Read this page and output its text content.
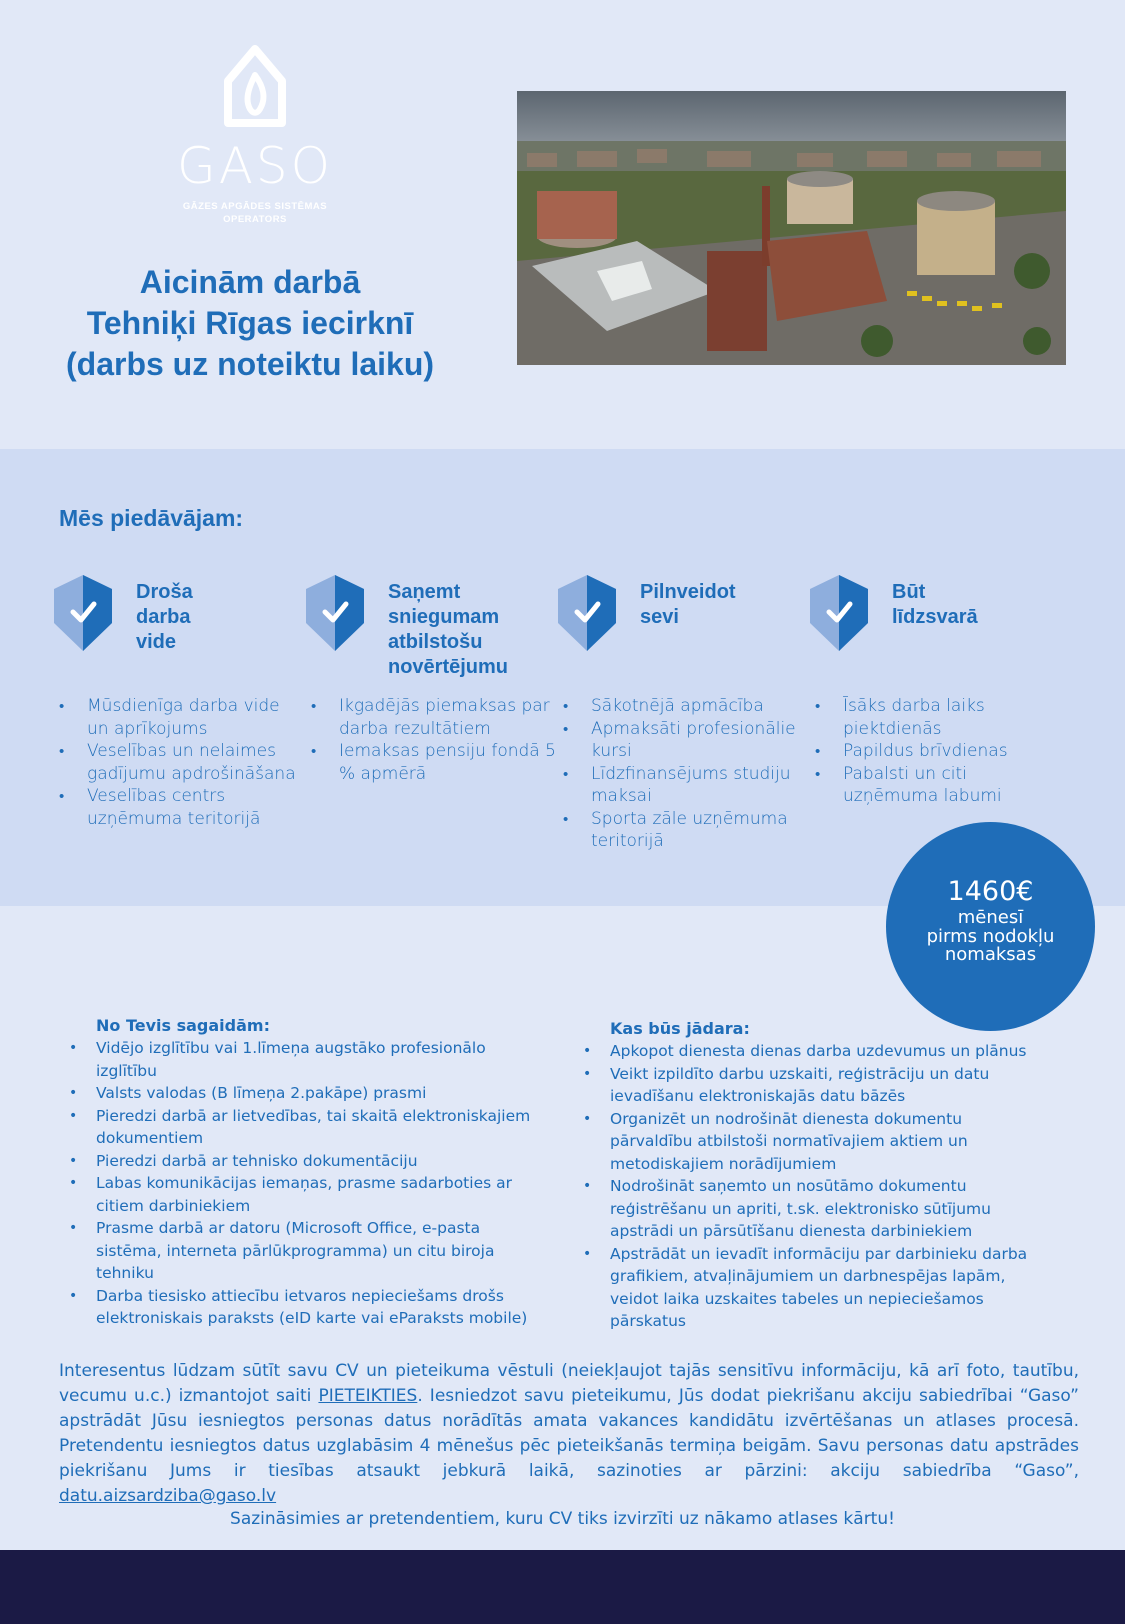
GASO
GĀZES APGĀDES SISTĒMAS OPERATORS
Aicinām darbā
Tehniķi Rīgas iecirknī
(darbs uz noteiktu laiku)
Mēs piedāvājam:
Droša
darba
vide
• Mūsdienīga darba vide un aprīkojums
• Veselības un nelaimes gadījumu apdrošināšana
• Veselības centrs uzņēmuma teritorijā
Saņemt
sniegumam
atbilstošu
novērtējumu
• Ikgadējās piemaksas par darba rezultātiem
• Iemaksas pensiju fondā 5 % apmērā
Pilnveidot
sevi
• Sākotnējā apmācība
• Apmaksāti profesionālie kursi
• Līdzfinansējums studiju maksai
• Sporta zāle uzņēmuma teritorijā
Būt
līdzsvarā
• Īsāks darba laiks piektdienās
• Papildus brīvdienas
• Pabalsti un citi uzņēmuma labumi
1460€
mēnesī
pirms nodokļu
nomaksas
No Tevis sagaidām:
• Vidējo izglītību vai 1.līmeņa augstāko profesionālo izglītību
• Valsts valodas (B līmeņa 2.pakāpe) prasmi
• Pieredzi darbā ar lietvedības, tai skaitā elektroniskajiem dokumentiem
• Pieredzi darbā ar tehnisko dokumentāciju
• Labas komunikācijas iemaņas, prasme sadarboties ar citiem darbiniekiem
• Prasme darbā ar datoru (Microsoft Office, e-pasta sistēma, interneta pārlūkprogramma) un citu biroja tehniku
• Darba tiesisko attiecību ietvaros nepieciešams drošs elektroniskais paraksts (eID karte vai eParaksts mobile)
Kas būs jādara:
• Apkopot dienesta dienas darba uzdevumus un plānus
• Veikt izpildīto darbu uzskaiti, reģistrāciju un datu ievadīšanu elektroniskajās datu bāzēs
• Organizēt un nodrošināt dienesta dokumentu pārvaldību atbilstoši normatīvajiem aktiem un metodiskajiem norādījumiem
• Nodrošināt saņemto un nosūtāmo dokumentu reģistrēšanu un apriti, t.sk. elektronisko sūtījumu apstrādi un pārsūtīšanu dienesta darbiniekiem
• Apstrādāt un ievadīt informāciju par darbinieku darba grafikiem, atvaļinājumiem un darbnespējas lapām, veidot laika uzskaites tabeles un nepieciešamos pārskatus
Interesentus lūdzam sūtīt savu CV un pieteikuma vēstuli (neiekļaujot tajās sensitīvu informāciju, kā arī foto, tautību, vecumu u.c.) izmantojot saiti PIETEIKTIES. Iesniedzot savu pieteikumu, Jūs dodat piekrišanu akciju sabiedrībai “Gaso” apstrādāt Jūsu iesniegtos personas datus norādītās amata vakances kandidātu izvērtēšanas un atlases procesā. Pretendentu iesniegtos datus uzglabāsim 4 mēnešus pēc pieteikšanās termiņa beigām. Savu personas datu apstrādes piekrišanu Jums ir tiesības atsaukt jebkurā laikā, sazinoties ar pārzini: akciju sabiedrība “Gaso”, datu.aizsardziba@gaso.lv
Sazināsimies ar pretendentiem, kuru CV tiks izvirzīti uz nākamo atlases kārtu!
